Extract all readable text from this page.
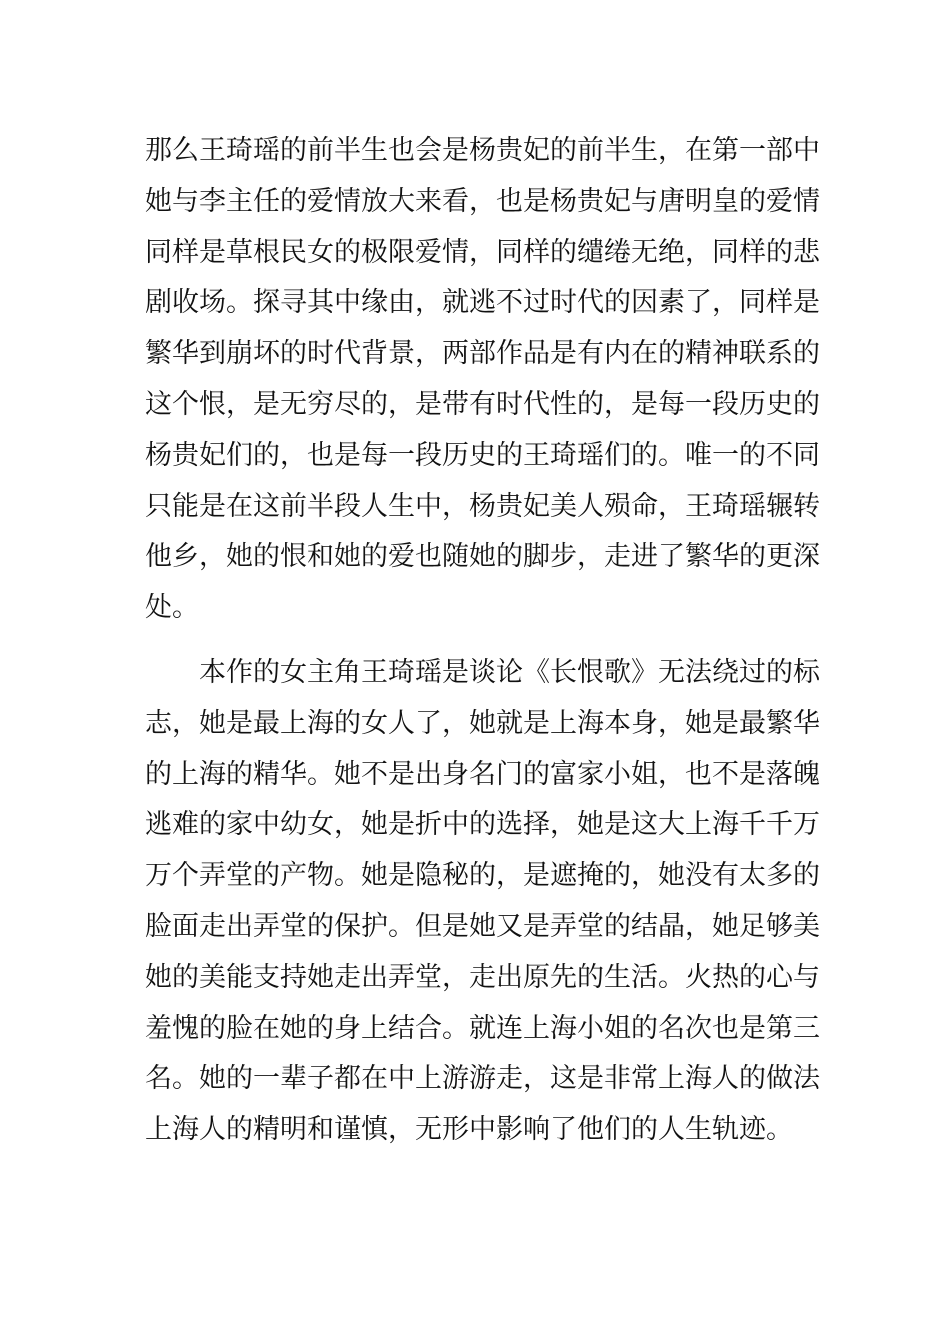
那么王琦瑶的前半生也会是杨贵妃的前半生，在第一部中
她与李主任的爱情放大来看，也是杨贵妃与唐明皇的爱情
同样是草根民女的极限爱情，同样的缱绻无绝，同样的悲
剧收场。探寻其中缘由，就逃不过时代的因素了，同样是
繁华到崩坏的时代背景，两部作品是有内在的精神联系的
这个恨，是无穷尽的，是带有时代性的，是每一段历史的
杨贵妃们的，也是每一段历史的王琦瑶们的。唯一的不同
只能是在这前半段人生中，杨贵妃美人殒命，王琦瑶辗转
他乡，她的恨和她的爱也随她的脚步，走进了繁华的更深
处。
本作的女主角王琦瑶是谈论《长恨歌》无法绕过的标
志，她是最上海的女人了，她就是上海本身，她是最繁华
的上海的精华。她不是出身名门的富家小姐，也不是落魄
逃难的家中幼女，她是折中的选择，她是这大上海千千万
万个弄堂的产物。她是隐秘的，是遮掩的，她没有太多的
脸面走出弄堂的保护。但是她又是弄堂的结晶，她足够美
她的美能支持她走出弄堂，走出原先的生活。火热的心与
羞愧的脸在她的身上结合。就连上海小姐的名次也是第三
名。她的一辈子都在中上游游走，这是非常上海人的做法
上海人的精明和谨慎，无形中影响了他们的人生轨迹。
